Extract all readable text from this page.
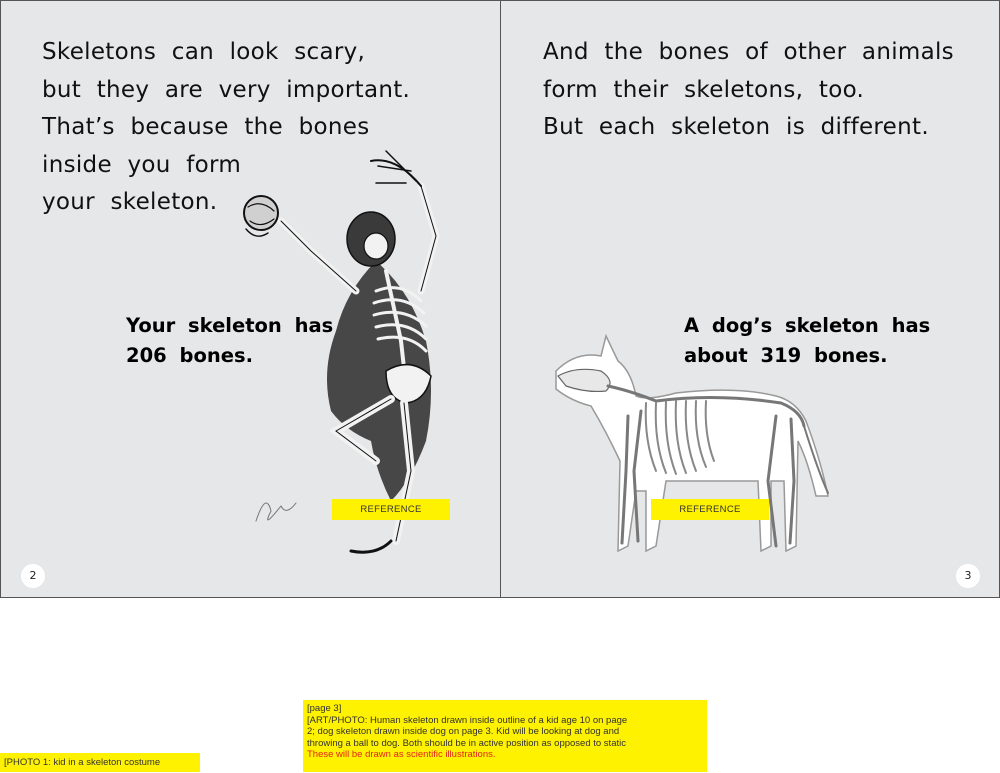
Skeletons can look scary,
but they are very important.
That’s because the bones
inside you form
your skeleton.
Your skeleton has
206 bones.
REFERENCE
2
And the bones of other animals
form their skeletons, too.
But each skeleton is different.
A dog’s skeleton has
about 319 bones.
REFERENCE
3
[PHOTO 1: kid in a skeleton costume
[page 3]
[ART/PHOTO: Human skeleton drawn inside outline of a kid age 10 on page
2; dog skeleton drawn inside dog on page 3. Kid will be looking at dog and
throwing a ball to dog. Both should be in active position as opposed to static
These will be drawn as scientific illustrations.
